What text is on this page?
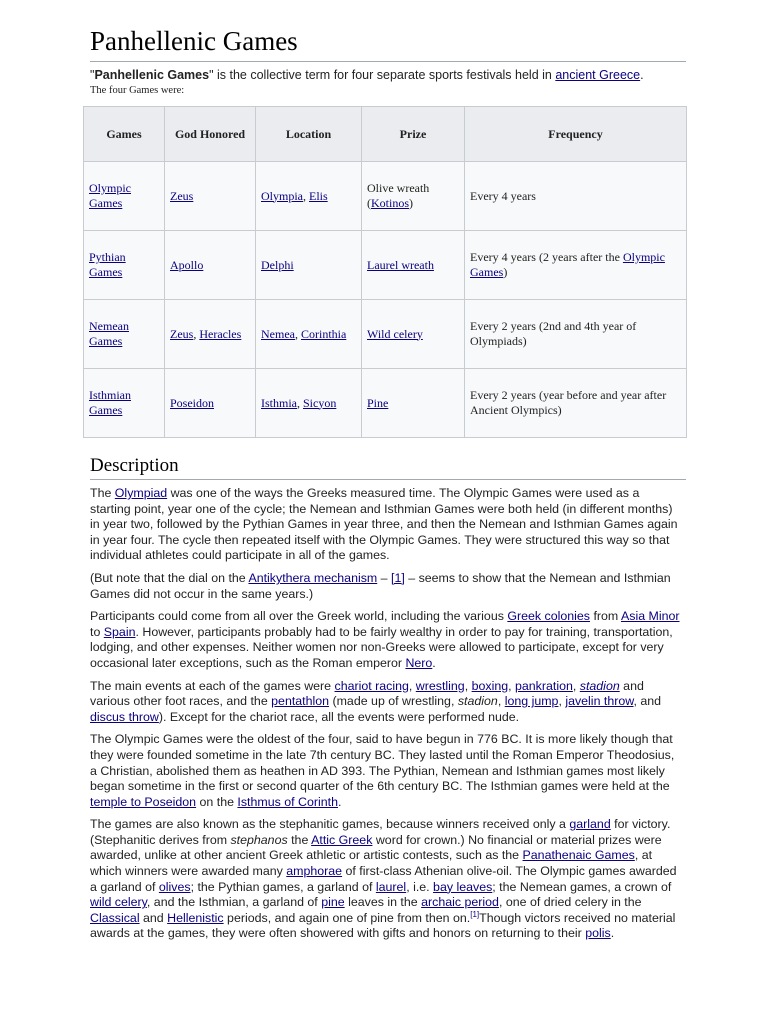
Panhellenic Games
"Panhellenic Games" is the collective term for four separate sports festivals held in ancient Greece.
The four Games were:
Games	God Honored	Location	Prize	Frequency
Olympic Games	Zeus	Olympia, Elis	Olive wreath (Kotinos)	Every 4 years
Pythian Games	Apollo	Delphi	Laurel wreath	Every 4 years (2 years after the Olympic Games)
Nemean Games	Zeus, Heracles	Nemea, Corinthia	Wild celery	Every 2 years (2nd and 4th year of Olympiads)
Isthmian Games	Poseidon	Isthmia, Sicyon	Pine	Every 2 years (year before and year after Ancient Olympics)
Description

The Olympiad was one of the ways the Greeks measured time. The Olympic Games were used as a starting point, year one of the cycle; the Nemean and Isthmian Games were both held (in different months) in year two, followed by the Pythian Games in year three, and then the Nemean and Isthmian Games again in year four. The cycle then repeated itself with the Olympic Games. They were structured this way so that individual athletes could participate in all of the games.

(But note that the dial on the Antikythera mechanism – [1] – seems to show that the Nemean and Isthmian Games did not occur in the same years.)

Participants could come from all over the Greek world, including the various Greek colonies from Asia Minor to Spain. However, participants probably had to be fairly wealthy in order to pay for training, transportation, lodging, and other expenses. Neither women nor non-Greeks were allowed to participate, except for very occasional later exceptions, such as the Roman emperor Nero.

The main events at each of the games were chariot racing, wrestling, boxing, pankration, stadion and various other foot races, and the pentathlon (made up of wrestling, stadion, long jump, javelin throw, and discus throw). Except for the chariot race, all the events were performed nude.

The Olympic Games were the oldest of the four, said to have begun in 776 BC. It is more likely though that they were founded sometime in the late 7th century BC. They lasted until the Roman Emperor Theodosius, a Christian, abolished them as heathen in AD 393. The Pythian, Nemean and Isthmian games most likely began sometime in the first or second quarter of the 6th century BC. The Isthmian games were held at the temple to Poseidon on the Isthmus of Corinth.

The games are also known as the stephanitic games, because winners received only a garland for victory. (Stephanitic derives from stephanos the Attic Greek word for crown.) No financial or material prizes were awarded, unlike at other ancient Greek athletic or artistic contests, such as the Panathenaic Games, at which winners were awarded many amphorae of first-class Athenian olive-oil. The Olympic games awarded a garland of olives; the Pythian games, a garland of laurel, i.e. bay leaves; the Nemean games, a crown of wild celery, and the Isthmian, a garland of pine leaves in the archaic period, one of dried celery in the Classical and Hellenistic periods, and again one of pine from then on.[1]Though victors received no material awards at the games, they were often showered with gifts and honors on returning to their polis.
